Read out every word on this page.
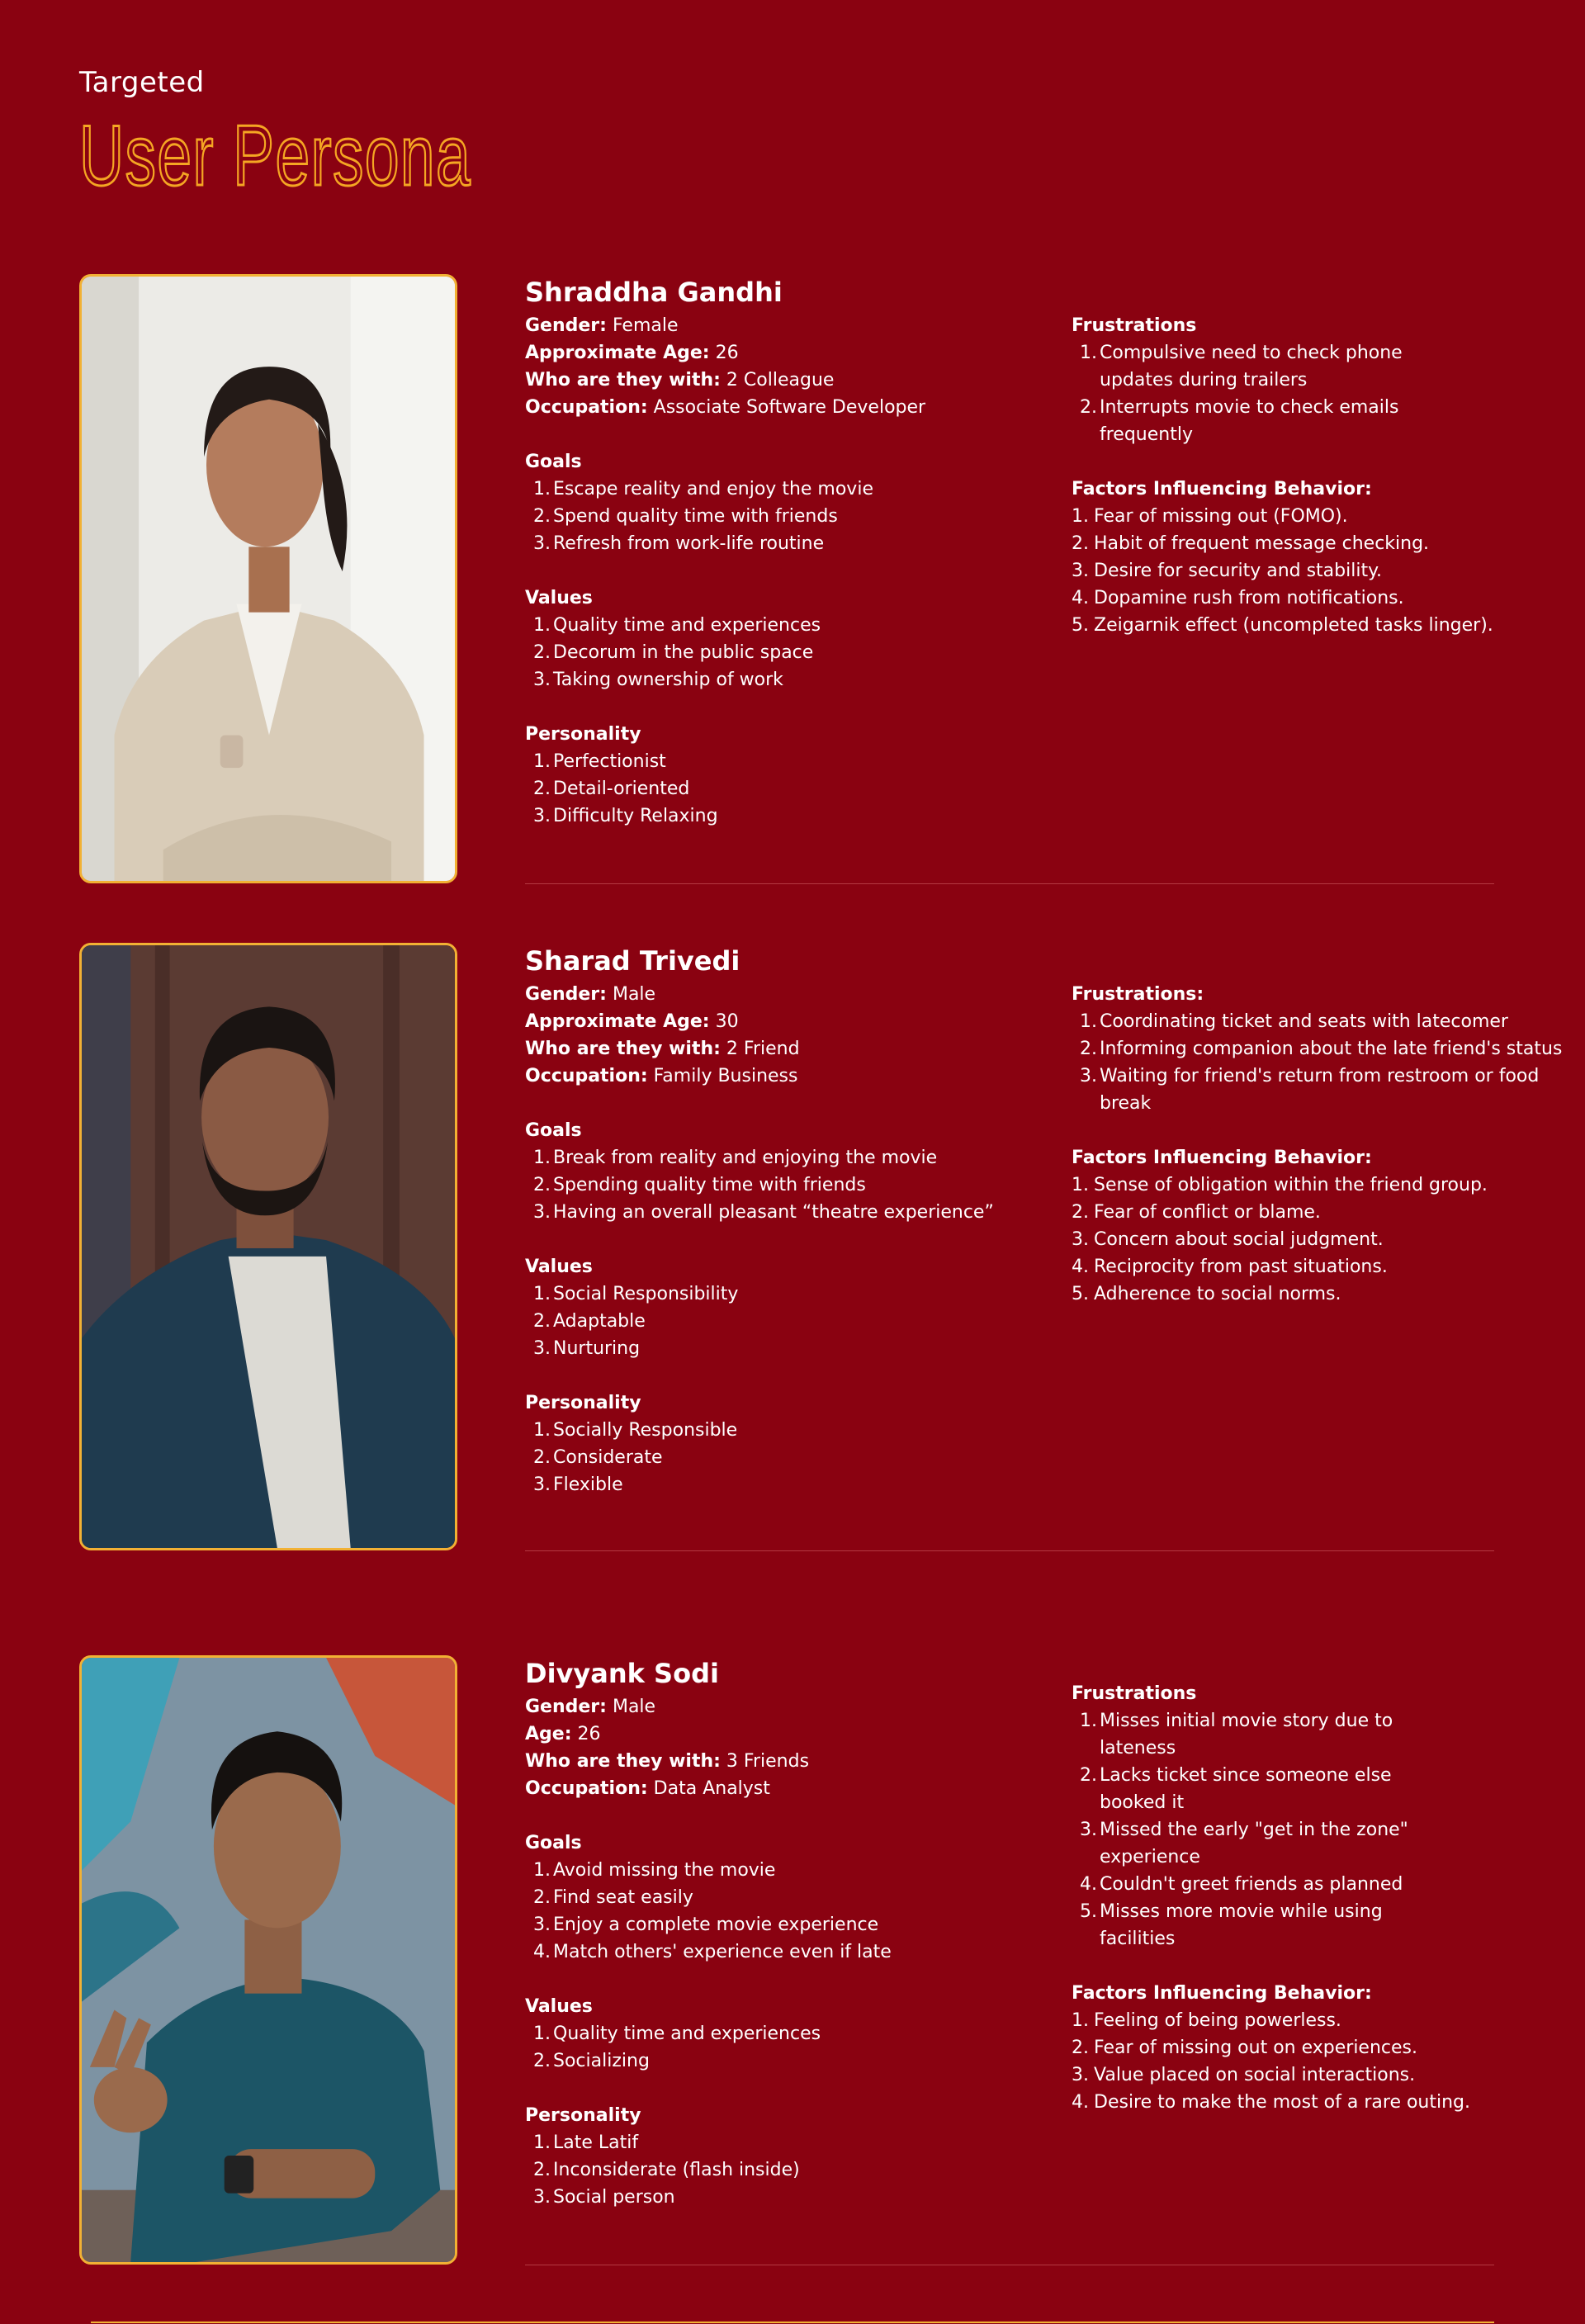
Targeted
User Persona
Shraddha Gandhi
Gender: Female
Approximate Age: 26
Who are they with: 2 Colleague
Occupation: Associate Software Developer
Goals
1. Escape reality and enjoy the movie
2. Spend quality time with friends
3. Refresh from work-life routine
Values
1. Quality time and experiences
2. Decorum in the public space
3. Taking ownership of work
Personality
1. Perfectionist
2. Detail-oriented
3. Difficulty Relaxing
Frustrations
1. Compulsive need to check phone updates during trailers
2. Interrupts movie to check emails frequently
Factors Influencing Behavior:
1. Fear of missing out (FOMO).
2. Habit of frequent message checking.
3. Desire for security and stability.
4. Dopamine rush from notifications.
5. Zeigarnik effect (uncompleted tasks linger).
Sharad Trivedi
Gender: Male
Approximate Age: 30
Who are they with: 2 Friend
Occupation: Family Business
Goals
1. Break from reality and enjoying the movie
2. Spending quality time with friends
3. Having an overall pleasant “theatre experience”
Values
1. Social Responsibility
2. Adaptable
3. Nurturing
Personality
1. Socially Responsible
2. Considerate
3. Flexible
Frustrations:
1. Coordinating ticket and seats with latecomer
2. Informing companion about the late friend's status
3. Waiting for friend's return from restroom or food break
Factors Influencing Behavior:
1. Sense of obligation within the friend group.
2. Fear of conflict or blame.
3. Concern about social judgment.
4. Reciprocity from past situations.
5. Adherence to social norms.
Divyank Sodi
Gender: Male
Age: 26
Who are they with: 3 Friends
Occupation: Data Analyst
Goals
1. Avoid missing the movie
2. Find seat easily
3. Enjoy a complete movie experience
4. Match others' experience even if late
Values
1. Quality time and experiences
2. Socializing
Personality
1. Late Latif
2. Inconsiderate (flash inside)
3. Social person
Frustrations
1. Misses initial movie story due to lateness
2. Lacks ticket since someone else booked it
3. Missed the early "get in the zone" experience
4. Couldn't greet friends as planned
5. Misses more movie while using facilities
Factors Influencing Behavior:
1. Feeling of being powerless.
2. Fear of missing out on experiences.
3. Value placed on social interactions.
4. Desire to make the most of a rare outing.
